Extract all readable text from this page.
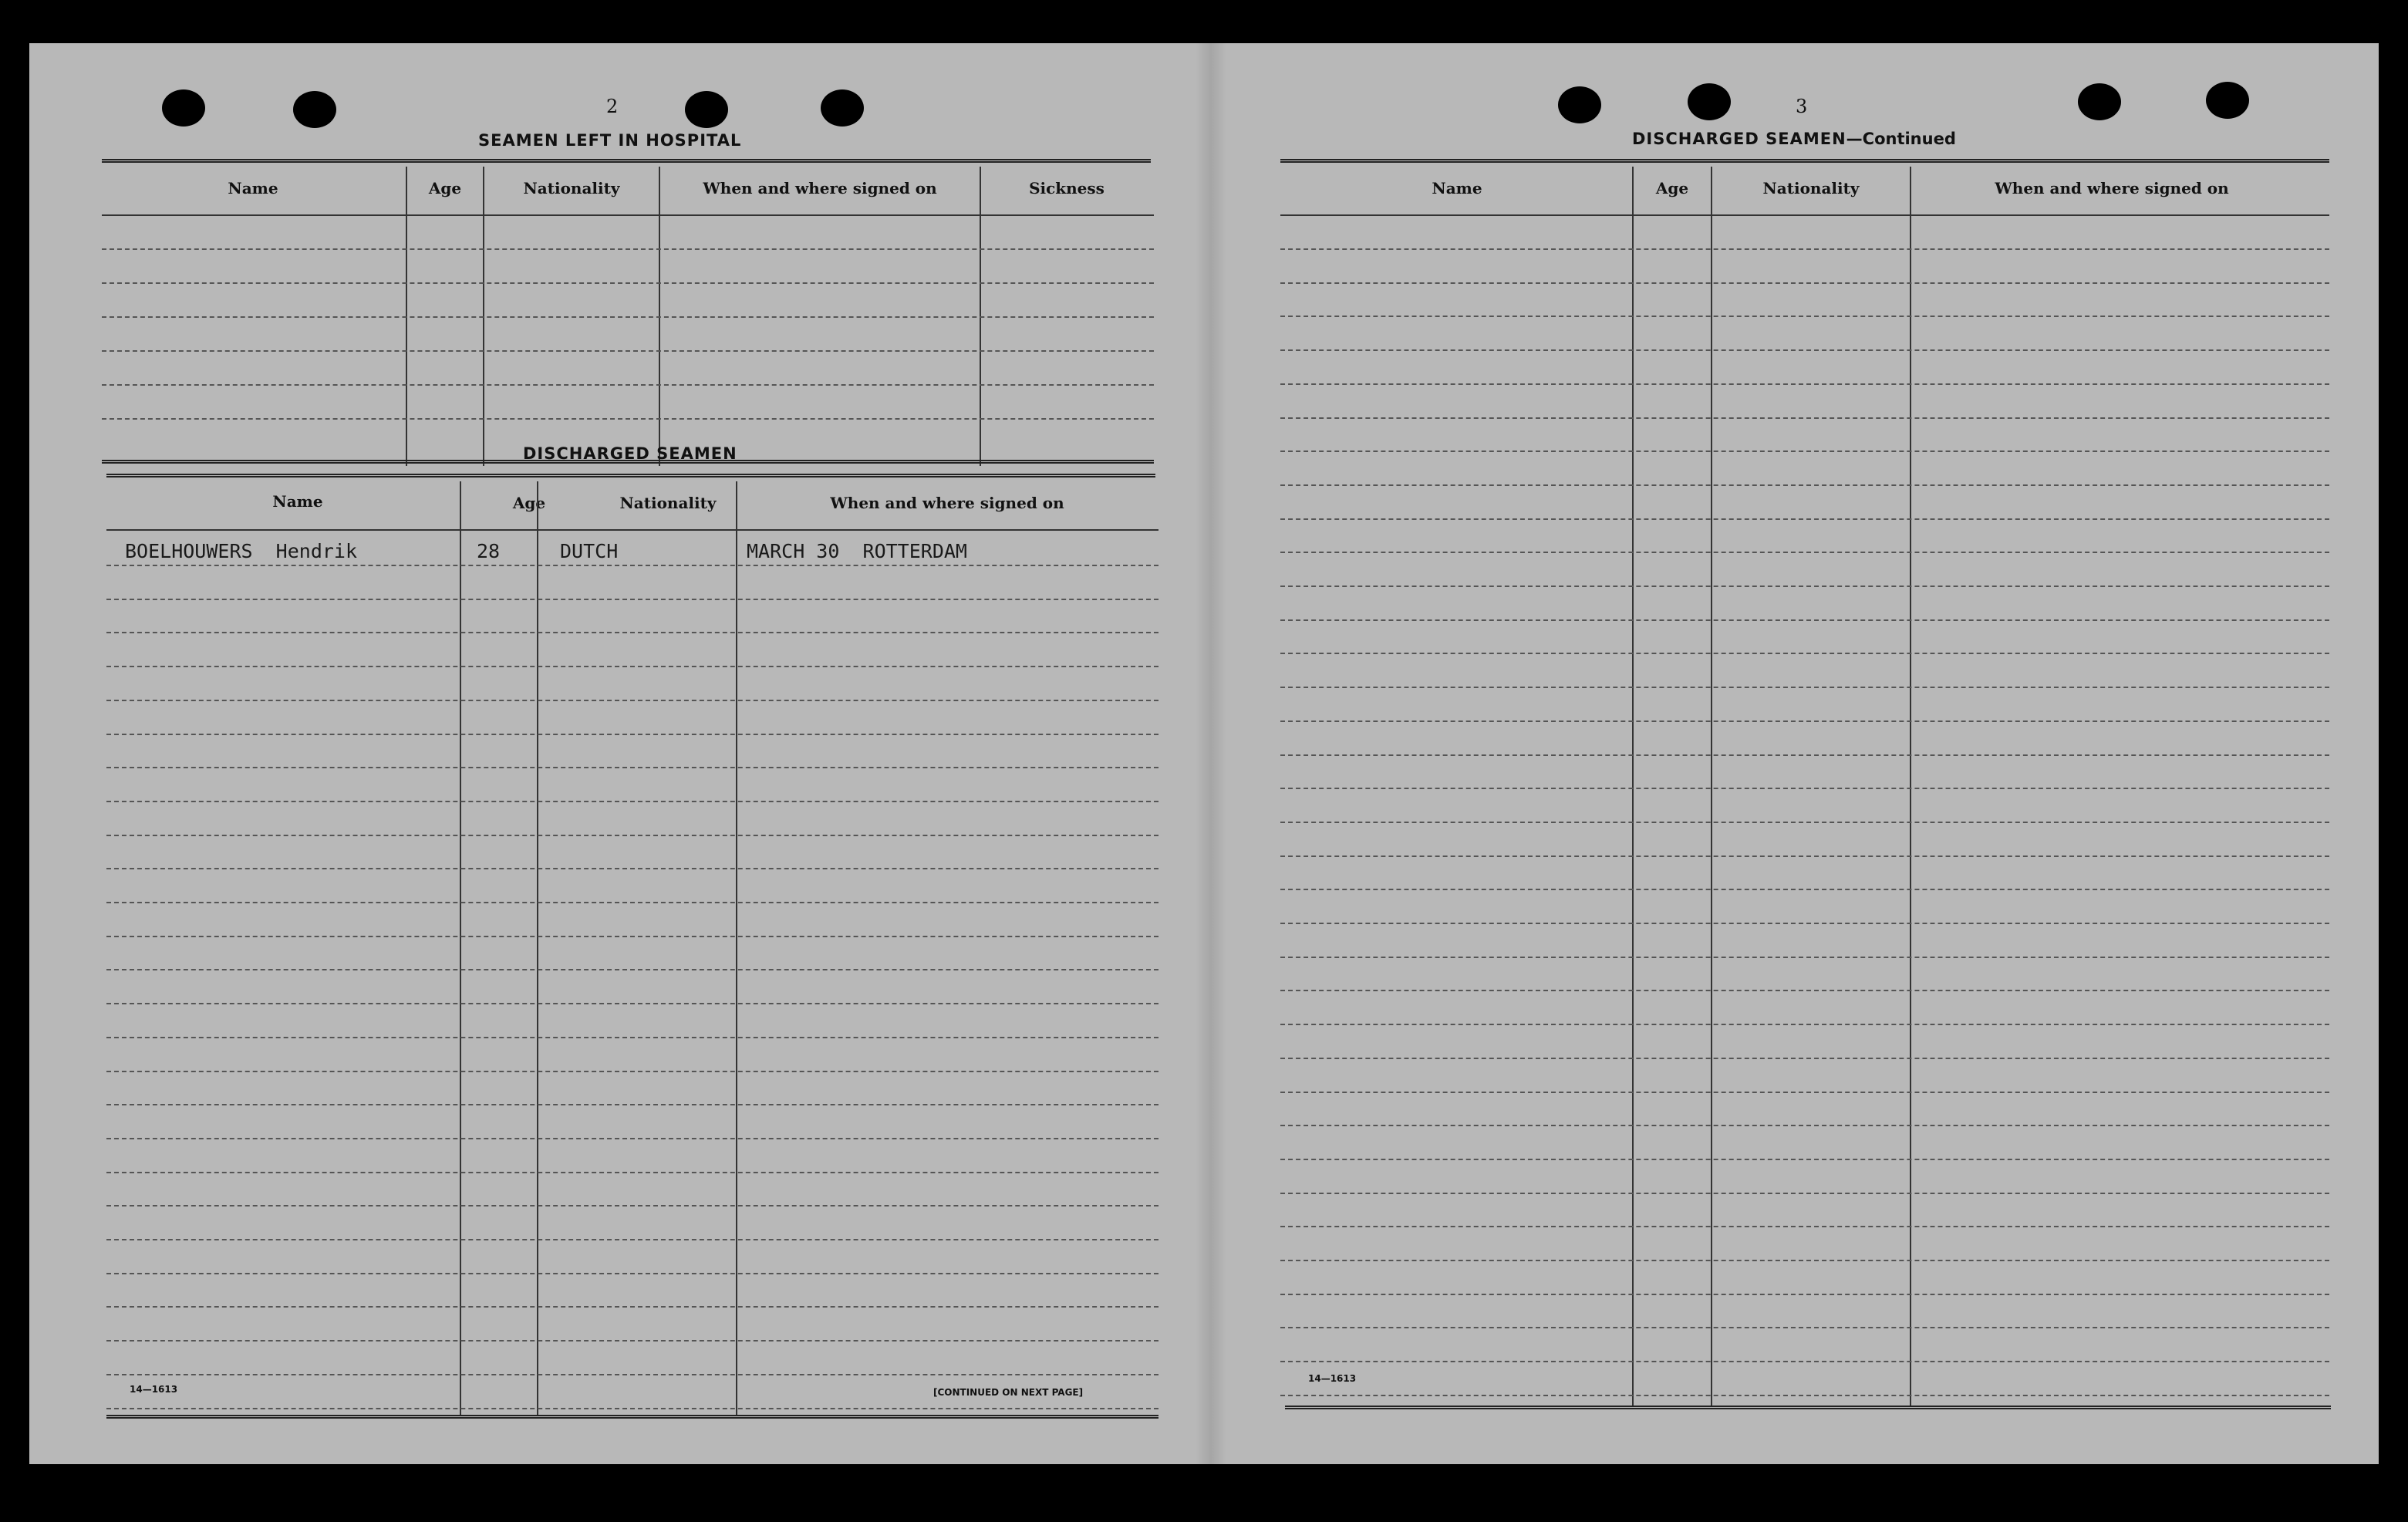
2
SEAMEN LEFT IN HOSPITAL
Name	Age	Nationality	When and where signed on	Sickness
DISCHARGED SEAMEN
Name	Age	Nationality	When and where signed on
BOELHOUWERS  Hendrik	28	DUTCH	MARCH 30  ROTTERDAM
14—1613	[CONTINUED ON NEXT PAGE]
3
DISCHARGED SEAMEN—Continued
Name	Age	Nationality	When and where signed on
14—1613
